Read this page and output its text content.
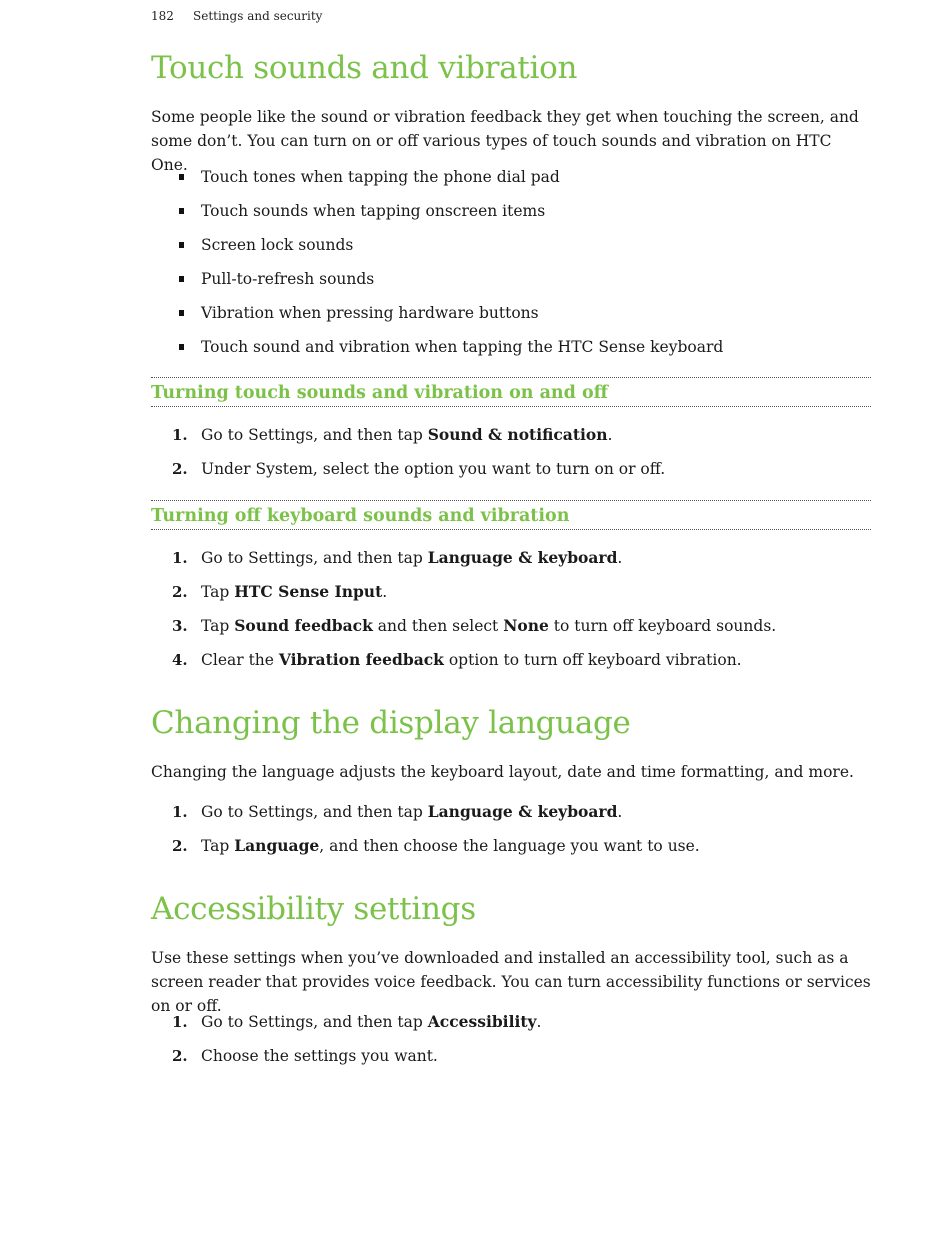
182 Settings and security
Touch sounds and vibration

Some people like the sound or vibration feedback they get when touching the screen, and some don’t. You can turn on or off various types of touch sounds and vibration on HTC One.

Touch tones when tapping the phone dial pad
Touch sounds when tapping onscreen items
Screen lock sounds
Pull-to-refresh sounds
Vibration when pressing hardware buttons
Touch sound and vibration when tapping the HTC Sense keyboard
Turning touch sounds and vibration on and off
1. Go to Settings, and then tap Sound & notification.
2. Under System, select the option you want to turn on or off.
Turning off keyboard sounds and vibration
1. Go to Settings, and then tap Language & keyboard.
2. Tap HTC Sense Input.
3. Tap Sound feedback and then select None to turn off keyboard sounds.
4. Clear the Vibration feedback option to turn off keyboard vibration.
Changing the display language

Changing the language adjusts the keyboard layout, date and time formatting, and more.

1. Go to Settings, and then tap Language & keyboard.
2. Tap Language, and then choose the language you want to use.
Accessibility settings

Use these settings when you’ve downloaded and installed an accessibility tool, such as a screen reader that provides voice feedback. You can turn accessibility functions or services on or off.

1. Go to Settings, and then tap Accessibility.
2. Choose the settings you want.
